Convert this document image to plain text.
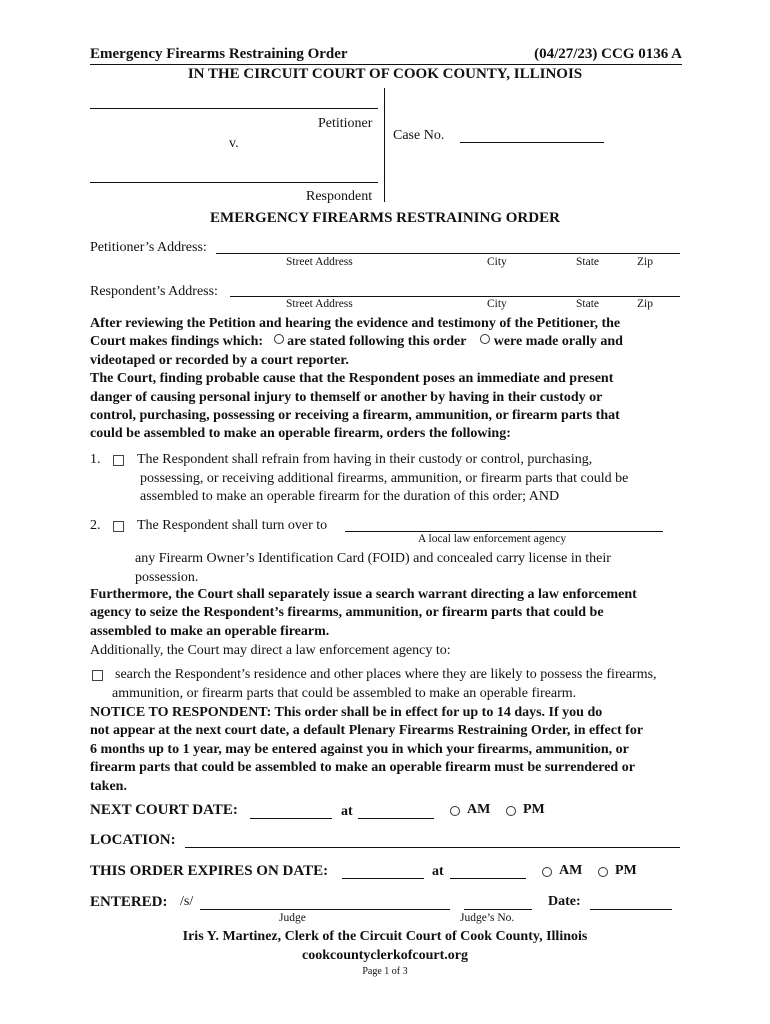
Emergency Firearms Restraining Order	(04/27/23) CCG 0136 A
IN THE CIRCUIT COURT OF COOK COUNTY, ILLINOIS
Petitioner
v.
Respondent
Case No.
EMERGENCY FIREARMS RESTRAINING ORDER
Petitioner’s Address:
Street Address	City	State	Zip
Respondent’s Address:
Street Address	City	State	Zip
After reviewing the Petition and hearing the evidence and testimony of the Petitioner, the
Court makes findings which: are stated following this order were made orally and
videotaped or recorded by a court reporter.
The Court, finding probable cause that the Respondent poses an immediate and present
danger of causing personal injury to themself or another by having in their custody or
control, purchasing, possessing or receiving a firearm, ammunition, or firearm parts that
could be assembled to make an operable firearm, orders the following:
1.	The Respondent shall refrain from having in their custody or control, purchasing,
possessing, or receiving additional firearms, ammunition, or firearm parts that could be
assembled to make an operable firearm for the duration of this order; AND
2.	The Respondent shall turn over to
A local law enforcement agency
any Firearm Owner’s Identification Card (FOID) and concealed carry license in their
possession.
Furthermore, the Court shall separately issue a search warrant directing a law enforcement
agency to seize the Respondent’s firearms, ammunition, or firearm parts that could be
assembled to make an operable firearm.
Additionally, the Court may direct a law enforcement agency to:
search the Respondent’s residence and other places where they are likely to possess the firearms,
ammunition, or firearm parts that could be assembled to make an operable firearm.
NOTICE TO RESPONDENT: This order shall be in effect for up to 14 days. If you do
not appear at the next court date, a default Plenary Firearms Restraining Order, in effect for
6 months up to 1 year, may be entered against you in which your firearms, ammunition, or
firearm parts that could be assembled to make an operable firearm must be surrendered or
taken.
NEXT COURT DATE:	at	AM PM
LOCATION:
THIS ORDER EXPIRES ON DATE:	at	AM PM
ENTERED: /s/	Date:
Judge	Judge’s No.
Iris Y. Martinez, Clerk of the Circuit Court of Cook County, Illinois
cookcountyclerkofcourt.org
Page 1 of 3
